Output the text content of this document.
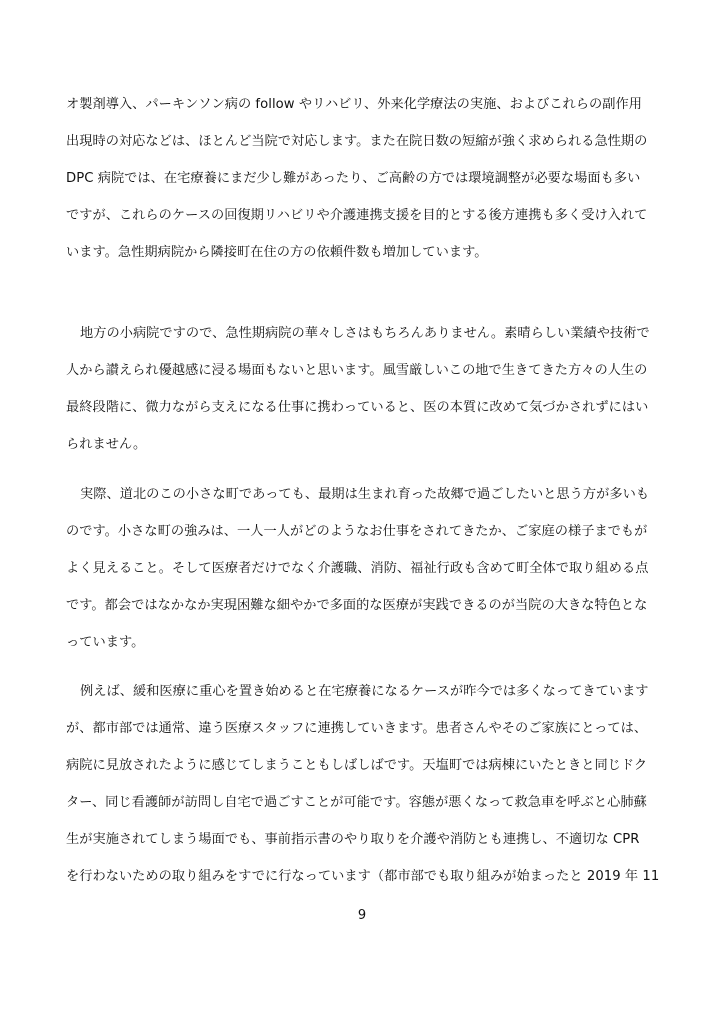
オ製剤導入、パーキンソン病の follow やリハビリ、外来化学療法の実施、およびこれらの副作用
出現時の対応などは、ほとんど当院で対応します。また在院日数の短縮が強く求められる急性期の
DPC 病院では、在宅療養にまだ少し難があったり、ご高齢の方では環境調整が必要な場面も多い
ですが、これらのケースの回復期リハビリや介護連携支援を目的とする後方連携も多く受け入れて
います。急性期病院から隣接町在住の方の依頼件数も増加しています。
地方の小病院ですので、急性期病院の華々しさはもちろんありません。素晴らしい業績や技術で
人から讃えられ優越感に浸る場面もないと思います。風雪厳しいこの地で生きてきた方々の人生の
最終段階に、微力ながら支えになる仕事に携わっていると、医の本質に改めて気づかされずにはい
られません。
実際、道北のこの小さな町であっても、最期は生まれ育った故郷で過ごしたいと思う方が多いも
のです。小さな町の強みは、一人一人がどのようなお仕事をされてきたか、ご家庭の様子までもが
よく見えること。そして医療者だけでなく介護職、消防、福祉行政も含めて町全体で取り組める点
です。都会ではなかなか実現困難な細やかで多面的な医療が実践できるのが当院の大きな特色とな
っています。
例えば、緩和医療に重心を置き始めると在宅療養になるケースが昨今では多くなってきています
が、都市部では通常、違う医療スタッフに連携していきます。患者さんやそのご家族にとっては、
病院に見放されたように感じてしまうこともしばしばです。天塩町では病棟にいたときと同じドク
ター、同じ看護師が訪問し自宅で過ごすことが可能です。容態が悪くなって救急車を呼ぶと心肺蘇
生が実施されてしまう場面でも、事前指示書のやり取りを介護や消防とも連携し、不適切な CPR
を行わないための取り組みをすでに行なっています（都市部でも取り組みが始まったと 2019 年 11
9
